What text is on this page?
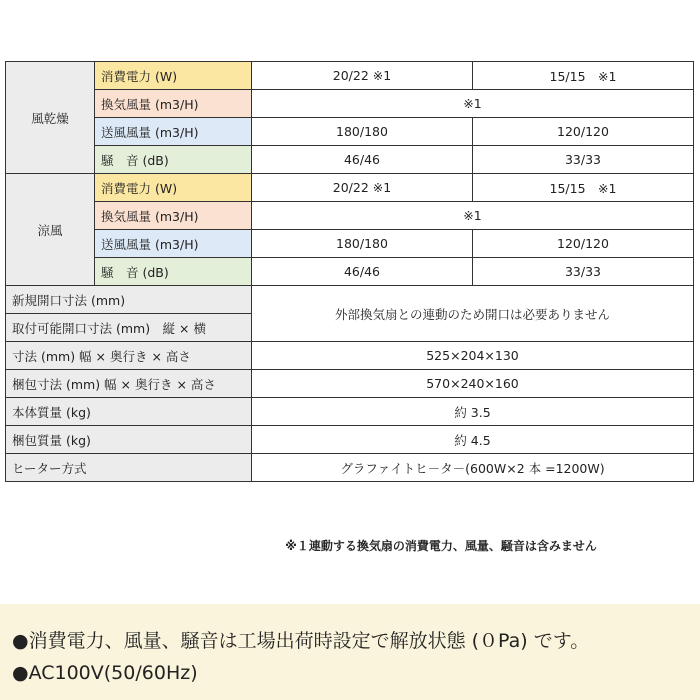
風乾燥	消費電力 (W)	20/22 ※1	15/15　※1
	換気風量 (m3/H)	※1	
	送風風量 (m3/H)	180/180	120/120
	騒　音 (dB)	46/46	33/33
涼風	消費電力 (W)	20/22 ※1	15/15　※1
	換気風量 (m3/H)	※1	
	送風風量 (m3/H)	180/180	120/120
	騒　音 (dB)	46/46	33/33
新規開口寸法 (mm)		外部換気扇との連動のため開口は必要ありません	
取付可能開口寸法 (mm)　縦 × 横			
寸法 (mm) 幅 × 奥行き × 高さ		525×204×130	
梱包寸法 (mm) 幅 × 奥行き × 高さ		570×240×160	
本体質量 (kg)		約 3.5	
梱包質量 (kg)		約 4.5	
ヒーター方式		グラファイトヒ－タ－(600W×2 本 =1200W)	
※１連動する換気扇の消費電力、風量、騒音は含みません
●消費電力、風量、騒音は工場出荷時設定で解放状態 (０Pa) です。
●AC100V(50/60Hz)
